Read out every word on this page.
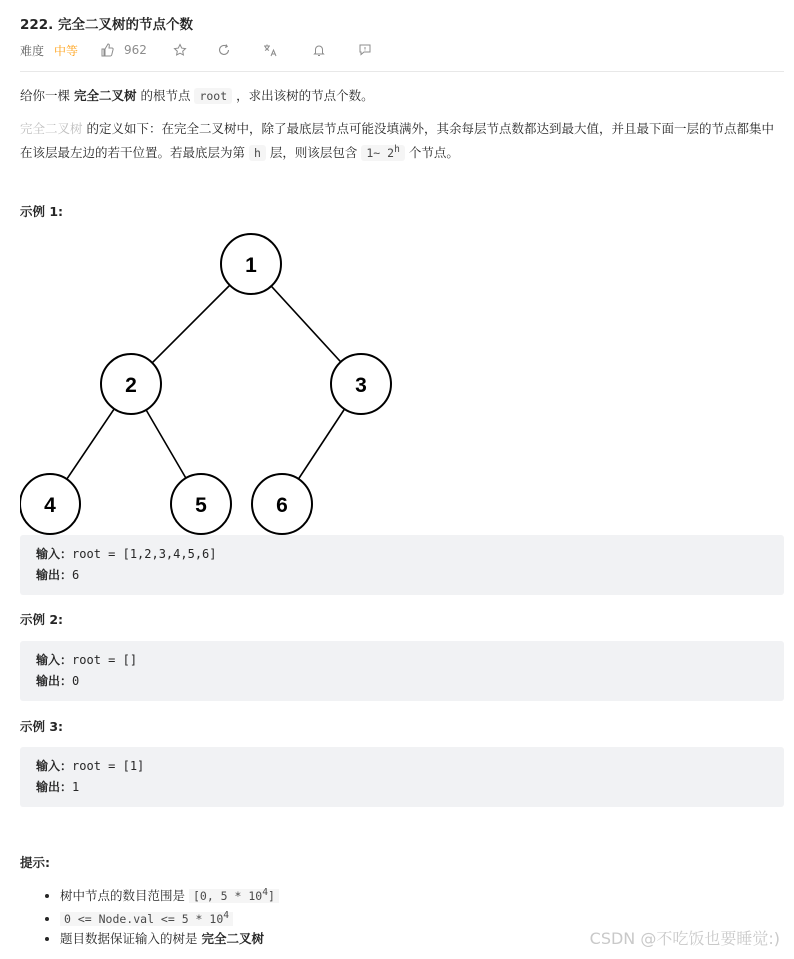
222. 完全二叉树的节点个数
难度 中等	962
给你一棵 完全二叉树 的根节点 root ，求出该树的节点个数。
完全二叉树 的定义如下：在完全二叉树中，除了最底层节点可能没填满外，其余每层节点数都达到最大值，并且最下面一层的节点都集中在该层最左边的若干位置。若最底层为第 h 层，则该层包含 1~ 2$^h$ 个节点。
示例 1:
1
2	3
4	5	6
输入：root = [1,2,3,4,5,6]
输出：6
示例 2:
输入：root = []
输出：0
示例 3:
输入：root = [1]
输出：1
提示:
• 树中节点的数目范围是 [0, $5 * 10^4$]
• 0 <= Node.val <= $5 * 10^4$
• 题目数据保证输入的树是 完全二叉树	CSDN @不吃饭也要睡觉:)
